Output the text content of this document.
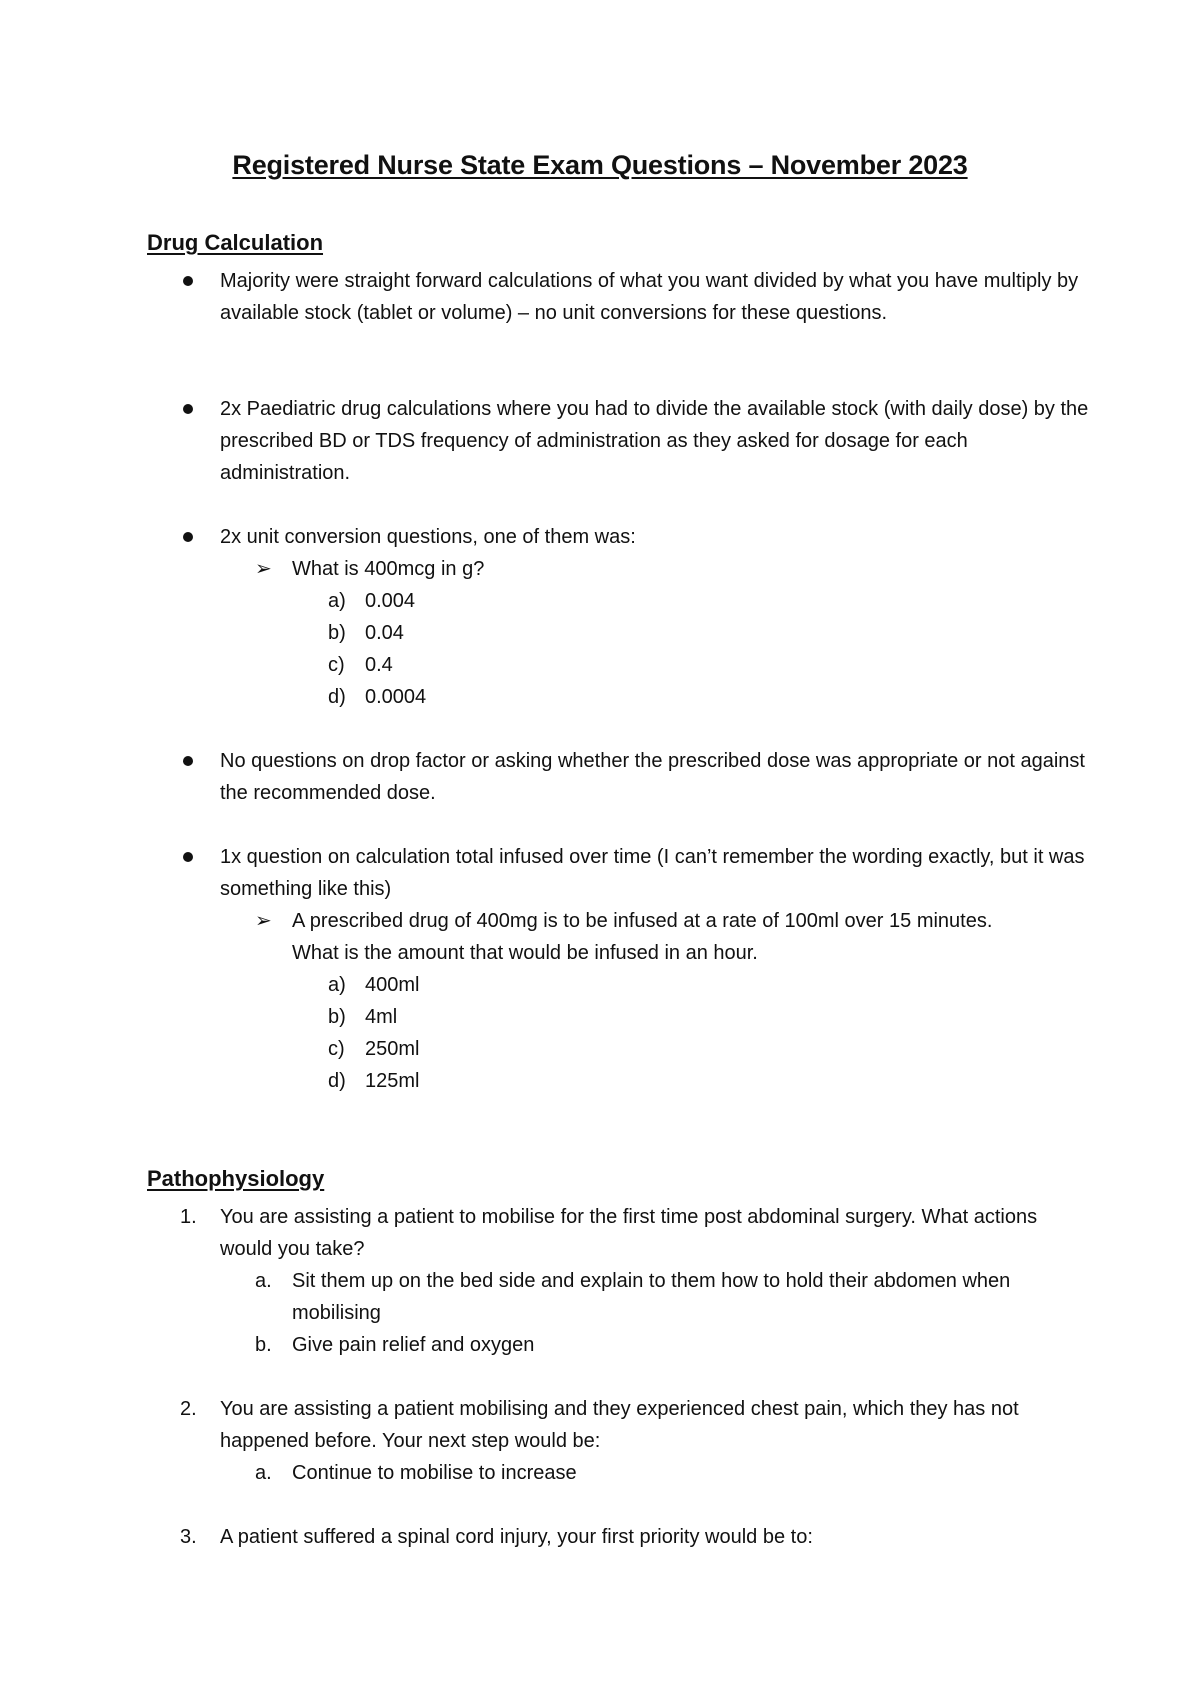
Registered Nurse State Exam Questions – November 2023
Drug Calculation

Majority were straight forward calculations of what you want divided by what you have multiply by available stock (tablet or volume) – no unit conversions for these questions.

2x Paediatric drug calculations where you had to divide the available stock (with daily dose) by the prescribed BD or TDS frequency of administration as they asked for dosage for each administration.

2x unit conversion questions, one of them was:

➢ What is 400mcg in g?

a) 0.004
b) 0.04
c) 0.4
d) 0.0004

No questions on drop factor or asking whether the prescribed dose was appropriate or not against the recommended dose.

1x question on calculation total infused over time (I can’t remember the wording exactly, but it was something like this)

➢ A prescribed drug of 400mg is to be infused at a rate of 100ml over 15 minutes. What is the amount that would be infused in an hour.

a) 400ml
b) 4ml
c) 250ml
d) 125ml
Pathophysiology
1. You are assisting a patient to mobilise for the first time post abdominal surgery. What actions would you take?

a. Sit them up on the bed side and explain to them how to hold their abdomen when mobilising

b. Give pain relief and oxygen

2. You are assisting a patient mobilising and they experienced chest pain, which they has not happened before. Your next step would be:

a. Continue to mobilise to increase

3. A patient suffered a spinal cord injury, your first priority would be to:
